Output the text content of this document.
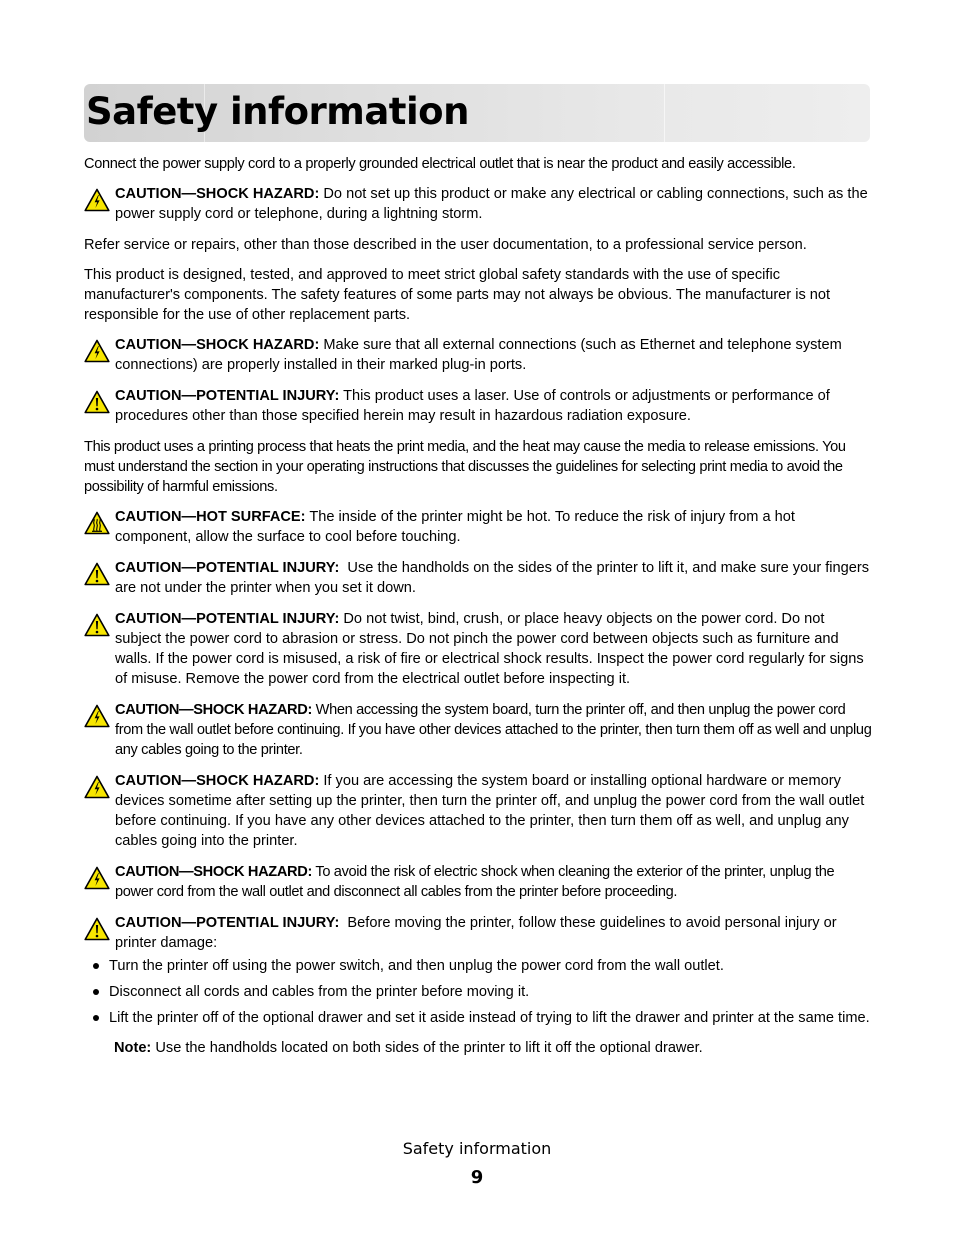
Safety information

Connect the power supply cord to a properly grounded electrical outlet that is near the product and easily accessible.

CAUTION—SHOCK HAZARD: Do not set up this product or make any electrical or cabling connections, such as the power supply cord or telephone, during a lightning storm.

Refer service or repairs, other than those described in the user documentation, to a professional service person.

This product is designed, tested, and approved to meet strict global safety standards with the use of specific manufacturer's components. The safety features of some parts may not always be obvious. The manufacturer is not responsible for the use of other replacement parts.

CAUTION—SHOCK HAZARD: Make sure that all external connections (such as Ethernet and telephone system connections) are properly installed in their marked plug-in ports.
CAUTION—POTENTIAL INJURY: This product uses a laser. Use of controls or adjustments or performance of procedures other than those specified herein may result in hazardous radiation exposure.

This product uses a printing process that heats the print media, and the heat may cause the media to release emissions. You must understand the section in your operating instructions that discusses the guidelines for selecting print media to avoid the possibility of harmful emissions.

CAUTION—HOT SURFACE: The inside of the printer might be hot. To reduce the risk of injury from a hot component, allow the surface to cool before touching.
CAUTION—POTENTIAL INJURY:  Use the handholds on the sides of the printer to lift it, and make sure your fingers are not under the printer when you set it down.
CAUTION—POTENTIAL INJURY: Do not twist, bind, crush, or place heavy objects on the power cord. Do not subject the power cord to abrasion or stress. Do not pinch the power cord between objects such as furniture and walls. If the power cord is misused, a risk of fire or electrical shock results. Inspect the power cord regularly for signs of misuse. Remove the power cord from the electrical outlet before inspecting it.
CAUTION—SHOCK HAZARD: When accessing the system board, turn the printer off, and then unplug the power cord from the wall outlet before continuing. If you have other devices attached to the printer, then turn them off as well and unplug any cables going to the printer.
CAUTION—SHOCK HAZARD: If you are accessing the system board or installing optional hardware or memory devices sometime after setting up the printer, then turn the printer off, and unplug the power cord from the wall outlet before continuing. If you have any other devices attached to the printer, then turn them off as well, and unplug any cables going into the printer.
CAUTION—SHOCK HAZARD: To avoid the risk of electric shock when cleaning the exterior of the printer, unplug the power cord from the wall outlet and disconnect all cables from the printer before proceeding.
CAUTION—POTENTIAL INJURY:  Before moving the printer, follow these guidelines to avoid personal injury or printer damage:
Turn the printer off using the power switch, and then unplug the power cord from the wall outlet.
Disconnect all cords and cables from the printer before moving it.
Lift the printer off of the optional drawer and set it aside instead of trying to lift the drawer and printer at the same time.

Note: Use the handholds located on both sides of the printer to lift it off the optional drawer.

Safety information
9
